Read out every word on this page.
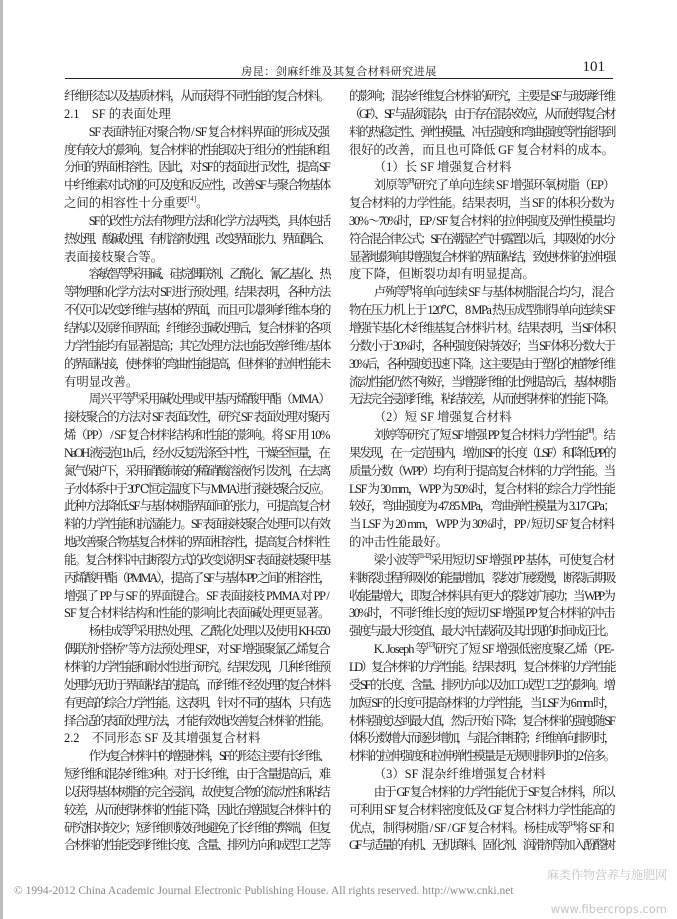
房昆：剑麻纤维及其复合材料研究进展	101
纤维形态以及基质材料，从而获得不同性能的复合材料。
2.1　SF 的表面处理
SF 表面特征对聚合物 / SF 复合材料界面的形成及强
度有较大的影响。复合材料的性能取决于组分的性能和组
分间的界面相容性。因此，对 SF 的表面进行改性，提高 SF
中纤维素对试剂的可及度和反应性，改善 SF 与聚合物基体
之间的相容性十分重要[4]。
SF 的改性方法有物理方法和化学方法两类，具体包括
热处理、酸碱处理、有机溶剂处理、改变界面张力、界面偶合、
表面接枝聚合等。
容敏智等[5]采用碱、硅烷偶联剂、乙酰化、氰乙基化、热
等物理和化学方法对 SF 进行预处理。结果表明，各种方法
不仅可以改变纤维与基体的界面，而且可以影响纤维本身的
结构以及原纤间界面；纤维经过碱处理后，复合材料的各项
力学性能均有显著提高；其它处理方法也能改善纤维 / 基体
的界面粘接，使材料的弯曲性能提高，但材料的拉伸性能未
有明显改善。
周兴平等[6]采用碱处理或甲基丙烯酸甲酯（MMA）
接枝聚合的方法对 SF 表面改性，研究 SF 表面处理对聚丙
烯（PP） / SF 复合材料结构和性能的影响。将 SF 用 10%
NaOH 液浸泡 1 h 后，经水反复洗涤至中性，干燥至恒量，在
氮气保护下，采用硝酸铈铵的稀硝酸溶液作引发剂，在去离
子水体系中于 30℃恒定温度下与 MMA 进行接枝聚合反应。
此种方法降低 SF 与基体树脂界面间的张力，可提高复合材
料的力学性能和抗湿能力。SF 表面接枝聚合处理可以有效
地改善聚合物基复合材料的界面相容性，提高复合材料性
能。复合材料冲击断裂方式的改变说明 SF 表面接枝聚甲基
丙烯酸甲酯（PMMA），提高了 SF 与基体 PP 之间的相容性，
增强了 PP 与 SF 的界面键合。SF 表面接枝 PMMA 对 PP /
SF 复合材料结构和性能的影响比表面碱处理更显著。
杨桂成等[7]采用热处理、乙酰化处理以及使用 KH-550
偶联剂“搭桥” 等方法预处理 SF，对 SF 增强聚氯乙烯复合
材料的力学性能和耐水性进行研究。结果发现，几种纤维预
处理均无助于界面粘结的提高，而纤维不经处理的复合材料
有更高的综合力学性能。这表明，针对不同的基体，只有选
择合适的表面处理方法，才能有效地改善复合材料的性能。
2.2　不同形态 SF 及其增强复合材料
作为复合材料中的增强材料，SF 的形态主要有长纤维、
短纤维和混杂纤维 3 种。对于长纤维，由于含量提高后，难
以获得基体树脂的完全浸润，故使复合物的流动性和粘结
较差，从而使得材料的性能下降，因此在增强复合材料中的
研究相对较少；短纤维则较好地避免了长纤维的弊端，但复
合材料的性能受到纤维长度、含量、排列方向和成型工艺等
的影响；混杂纤维复合材料的研究，主要是 SF 与玻璃纤维
（GF）、SF 与晶须混杂，由于存在混杂效应，从而使得复合材
料的热稳定性、弹性模量、冲击强度和弯曲强度等性能得到
很好的改善，而且也可降低 GF 复合材料的成本。
（1）长 SF 增强复合材料
刘原等[8]研究了单向连续 SF 增强环氧树脂（EP）
复合材料的力学性能。结果表明，当 SF 的体积分数为
30%～70%时，EP / SF 复合材料的拉伸强度及弹性模量均
符合混合律公式；SF 在潮湿空气中露置以后，其吸收的水分
显著地影响其增强复合材料的界面粘结，致使材料的拉伸强
度下降，但断裂功却有明显提高。
卢殉等[9]将单向连续 SF 与基体树脂混合均匀，混合
物在压力机上于 120℃，8 MPa 热压成型制得单向连续 SF
增强苄基化木纤维基复合材料片材。结果表明，当 SF 体积
分数小于 30%时，各种强度保持较好；当 SF 体积分数大于
30%后，各种强度迅速下降。这主要是由于塑化的植物纤维
流动性能仍然不够好，当增强纤维的比例提高后，基体树脂
无法完全浸润纤维，粘结较差，从而使得材料的性能下降。
（2）短 SF 增强复合材料
刘婷等研究了短 SF 增强 PP 复合材料力学性能[10]。结
果发现，在一定范围内，增加 SF 的长度（LSF）和降低 PP 的
质量分数（WPP）均有利于提高复合材料的力学性能。当
LSF 为 30 mm，WPP 为 50%时，复合材料的综合力学性能
较好，弯曲强度为 47.85 MPa，弯曲弹性模量为 3.17 GPa；
当 LSF 为 20 mm，WPP 为 30%时，PP / 短切 SF 复合材料
的冲击性能最好。
梁小波等[11-12]采用短切 SF 增强 PP 基体，可使复合材
料断裂过程所吸收的能量增加，裂纹扩展缓慢，断裂后期吸
收能量增大，即复合材料具有更大的裂纹扩展功；当 WPP 为
30%时，不同纤维长度的短切 SF 增强 PP 复合材料的冲击
强度与最大形变值、最大冲击载荷及其出现的时间成正比。
K. Joseph 等[13]研究了短 SF 增强低密度聚乙烯（PE-
LD）复合材料的力学性能。结果表明，复合材料的力学性能
受 SF 的长度、含量、排列方向以及加工成型工艺的影响。增
加短 SF 的长度可提高材料的力学性能，当 LSF 为 6 mm 时，
材料强度达到最大值，然后开始下降；复合材料的强度随 SF
体积分数增大而逐步增加，与混合律相符；纤维单向排列时，
材料的拉伸强度和拉伸弹性模量是无规则排列时的 2 倍多。
（3）SF 混杂纤维增强复合材料
由于 GF 复合材料的力学性能优于 SF 复合材料，所以
可利用 SF 复合材料密度低及 GF 复合材料力学性能高的
优点，制得树脂 / SF / GF 复合材料。杨桂成等[14]将 SF 和
GF 与适量的有机、无机填料、固化剂、润滑剂等加入酚醛树
© 1994-2012 China Academic Journal Electronic Publishing House. All rights reserved. http://www.cnki.net
麻类作物营养与施肥网
www.fibercrops.com
